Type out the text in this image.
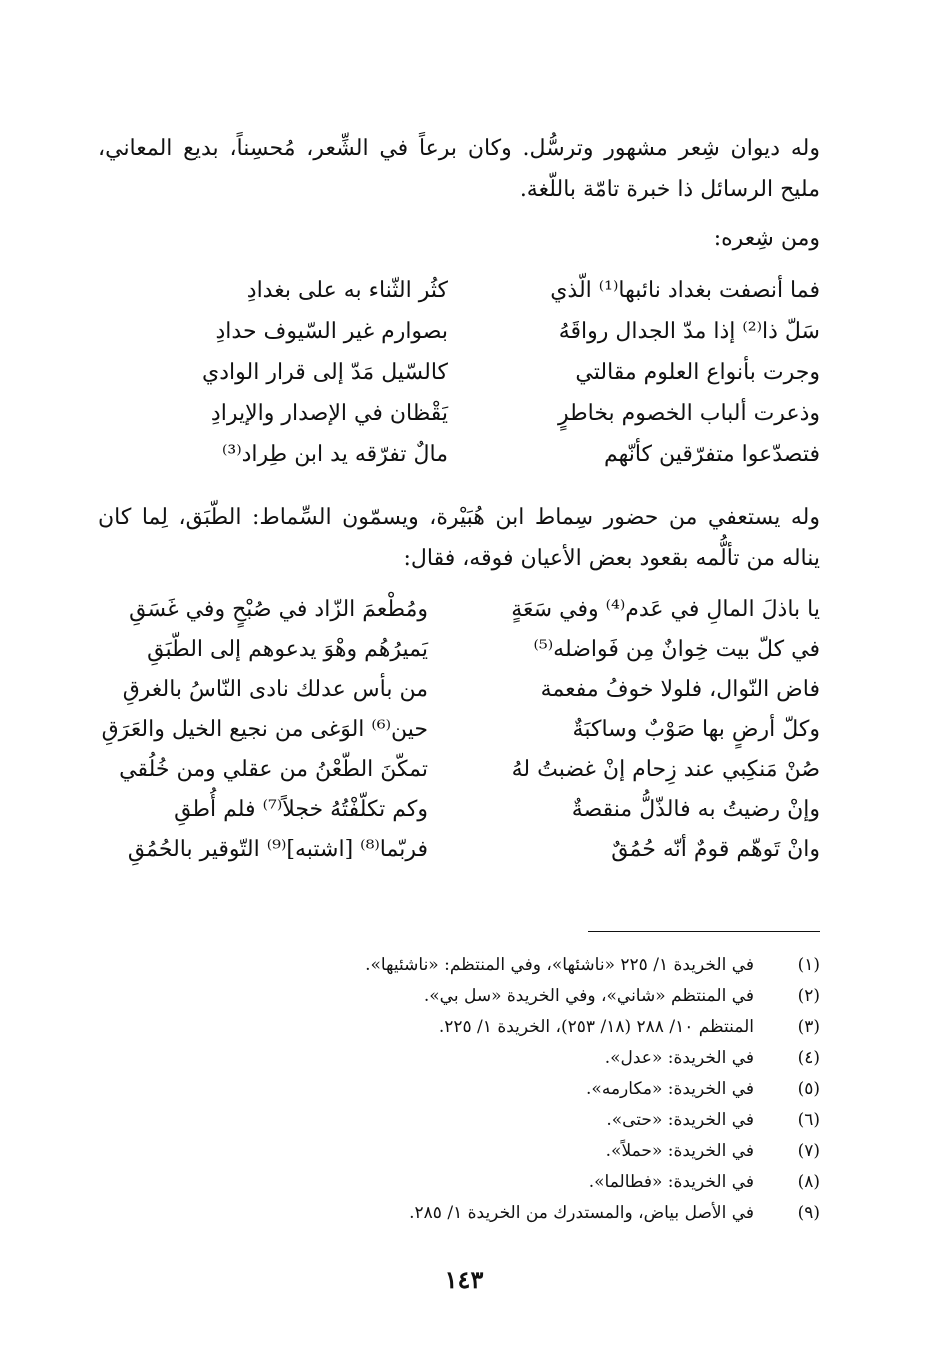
وله ديوان شِعر مشهور وترسُّل. وكان برعاً في الشِّعر، مُحسِناً، بديع المعاني، مليح الرسائل ذا خبرة تامّة باللّغة.

ومن شِعره:
فما أنصفت بغداد نائبها⁽¹⁾ الّذي
كثُر الثّناء به على بغدادِ
سَلّ ذا⁽²⁾ إذا مدّ الجدال رواقَهُ
بصوارم غير السّيوف حدادِ
وجرت بأنواع العلوم مقالتي
كالسّيل مَدّ إلى قرار الوادي
وذعرت ألباب الخصوم بخاطرٍ
يَقْظان في الإصدار والإيرادِ
فتصدّعوا متفرّقين كأنّهم
مالٌ تفرّقه يد ابن طِراد⁽³⁾

وله يستعفي من حضور سِماط ابن هُبَيْرة، ويسمّون السِّماط: الطّبَق، لِما كان يناله من تألُّمه بقعود بعض الأعيان فوقه، فقال:

يا باذلَ المالِ في عَدم⁽⁴⁾ وفي سَعَةٍ
ومُطْعمَ الزّاد في صُبْحٍ وفي غَسَقِ
في كلّ بيت خِوانٌ مِن فَواضله⁽⁵⁾
يَميرُهُم وهْوَ يدعوهم إلى الطّبَقِ
فاض النّوال، فلولا خوفُ مفعمة
من بأس عدلك نادى النّاسُ بالغرقِ
وكلّ أرضٍ بها صَوْبٌ وساكبَةٌ
حين⁽⁶⁾ الوَغى من نجيع الخيل والعَرَقِ
صُنْ مَنكِبي عند زِحام إنْ غضبتُ لهُ
تمكّنَ الطّعْنُ من عقلي ومن خُلُقي
وإنْ رضيتُ به فالذّلُّ منقصةٌ
وكم تكلّفْتُهُ خجلاً⁽⁷⁾ فلم أُطقِ
وانْ تَوهّم قومٌ أنّه حُمُقٌ
فربّما⁽⁸⁾ [اشتبه]⁽⁹⁾ التّوقير بالحُمُقِ
(١)
في الخريدة ١/ ٢٢٥ «ناشئها»، وفي المنتظم: «ناشئيها».
(٢)
في المنتظم «شاني»، وفي الخريدة «سل بي».
(٣)
المنتظم ١٠/ ٢٨٨ (١٨/ ٢٥٣)، الخريدة ١/ ٢٢٥.
(٤)
في الخريدة: «عدل».
(٥)
في الخريدة: «مكارمه».
(٦)
في الخريدة: «حتى».
(٧)
في الخريدة: «حملاً».
(٨)
في الخريدة: «فطالما».
(٩)
في الأصل بياض، والمستدرك من الخريدة ١/ ٢٨٥.
١٤٣
